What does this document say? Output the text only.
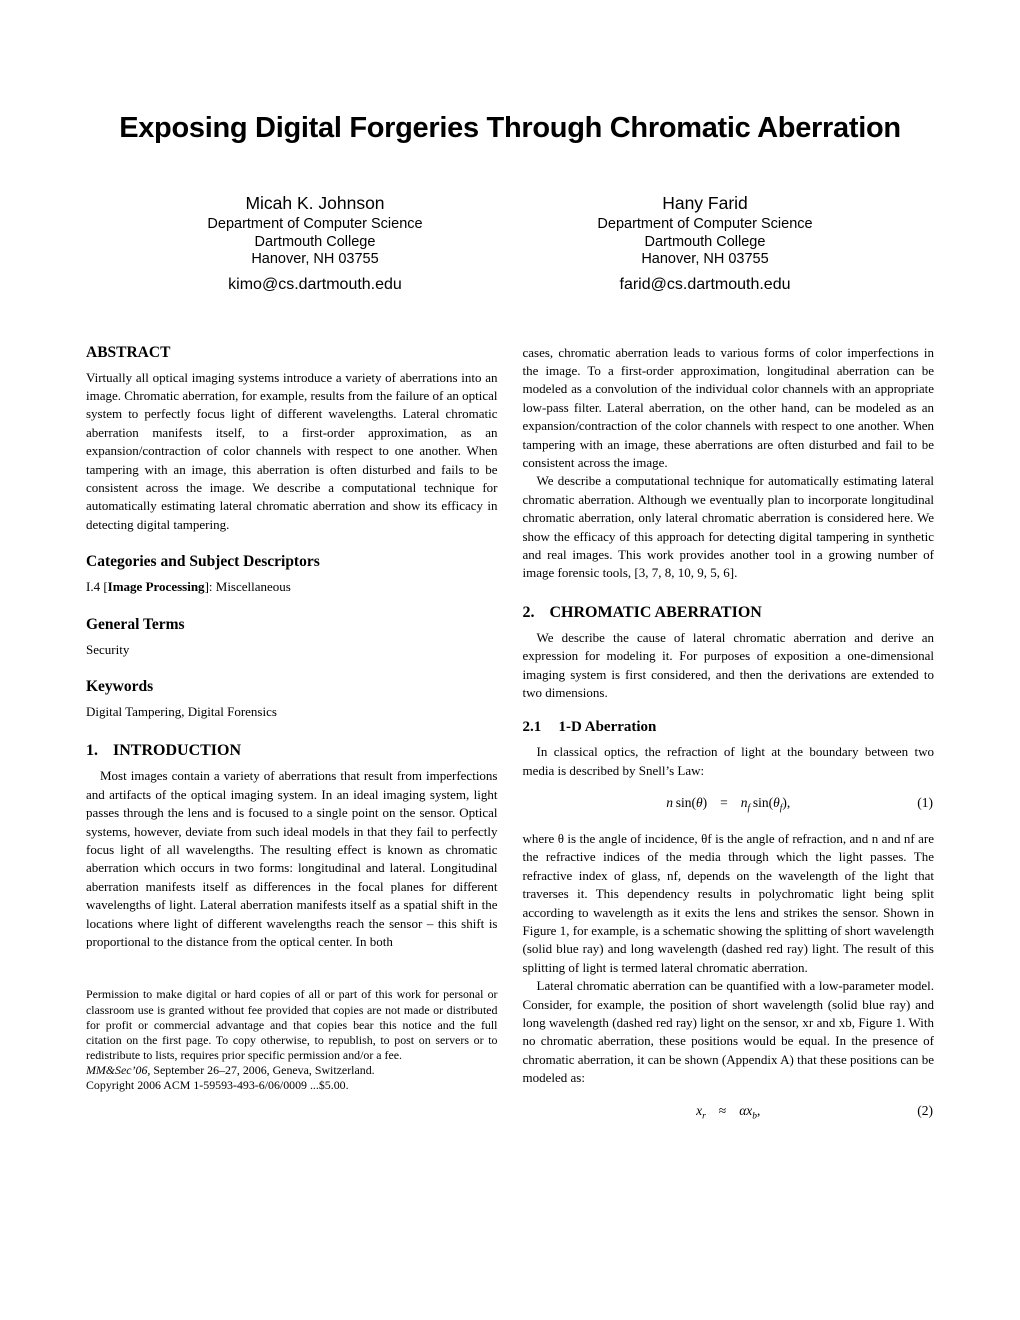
Exposing Digital Forgeries Through Chromatic Aberration
Micah K. Johnson
Department of Computer Science
Dartmouth College
Hanover, NH 03755
kimo@cs.dartmouth.edu
Hany Farid
Department of Computer Science
Dartmouth College
Hanover, NH 03755
farid@cs.dartmouth.edu
ABSTRACT

Virtually all optical imaging systems introduce a variety of aberrations into an image. Chromatic aberration, for example, results from the failure of an optical system to perfectly focus light of different wavelengths. Lateral chromatic aberration manifests itself, to a first-order approximation, as an expansion/contraction of color channels with respect to one another. When tampering with an image, this aberration is often disturbed and fails to be consistent across the image. We describe a computational technique for automatically estimating lateral chromatic aberration and show its efficacy in detecting digital tampering.

Categories and Subject Descriptors

I.4 [Image Processing]: Miscellaneous

General Terms

Security

Keywords

Digital Tampering, Digital Forensics

1. INTRODUCTION

Most images contain a variety of aberrations that result from imperfections and artifacts of the optical imaging system. In an ideal imaging system, light passes through the lens and is focused to a single point on the sensor. Optical systems, however, deviate from such ideal models in that they fail to perfectly focus light of all wavelengths. The resulting effect is known as chromatic aberration which occurs in two forms: longitudinal and lateral. Longitudinal aberration manifests itself as differences in the focal planes for different wavelengths of light. Lateral aberration manifests itself as a spatial shift in the locations where light of different wavelengths reach the sensor – this shift is proportional to the distance from the optical center. In both

Permission to make digital or hard copies of all or part of this work for personal or classroom use is granted without fee provided that copies are not made or distributed for profit or commercial advantage and that copies bear this notice and the full citation on the first page. To copy otherwise, to republish, to post on servers or to redistribute to lists, requires prior specific permission and/or a fee.

MM&Sec’06, September 26–27, 2006, Geneva, Switzerland.

Copyright 2006 ACM 1-59593-493-6/06/0009 ...$5.00.

cases, chromatic aberration leads to various forms of color imperfections in the image. To a first-order approximation, longitudinal aberration can be modeled as a convolution of the individual color channels with an appropriate low-pass filter. Lateral aberration, on the other hand, can be modeled as an expansion/contraction of the color channels with respect to one another. When tampering with an image, these aberrations are often disturbed and fail to be consistent across the image.

We describe a computational technique for automatically estimating lateral chromatic aberration. Although we eventually plan to incorporate longitudinal chromatic aberration, only lateral chromatic aberration is considered here. We show the efficacy of this approach for detecting digital tampering in synthetic and real images. This work provides another tool in a growing number of image forensic tools, [3, 7, 8, 10, 9, 5, 6].

2. CHROMATIC ABERRATION

We describe the cause of lateral chromatic aberration and derive an expression for modeling it. For purposes of exposition a one-dimensional imaging system is first considered, and then the derivations are extended to two dimensions.

2.1 1-D Aberration

In classical optics, the refraction of light at the boundary between two media is described by Snell’s Law:

n  $\sin(\theta) = n_f$  $\sin(\theta_f)$,	(1)

where θ is the angle of incidence, θf is the angle of refraction, and n and nf are the refractive indices of the media through which the light passes. The refractive index of glass, nf, depends on the wavelength of the light that traverses it. This dependency results in polychromatic light being split according to wavelength as it exits the lens and strikes the sensor. Shown in Figure 1, for example, is a schematic showing the splitting of short wavelength (solid blue ray) and long wavelength (dashed red ray) light. The result of this splitting of light is termed lateral chromatic aberration.

Lateral chromatic aberration can be quantified with a low-parameter model. Consider, for example, the position of short wavelength (solid blue ray) and long wavelength (dashed red ray) light on the sensor, xr and xb, Figure 1. With no chromatic aberration, these positions would be equal. In the presence of chromatic aberration, it can be shown (Appendix A) that these positions can be modeled as:

$x_r \approx \alpha x_b$,	(2)
